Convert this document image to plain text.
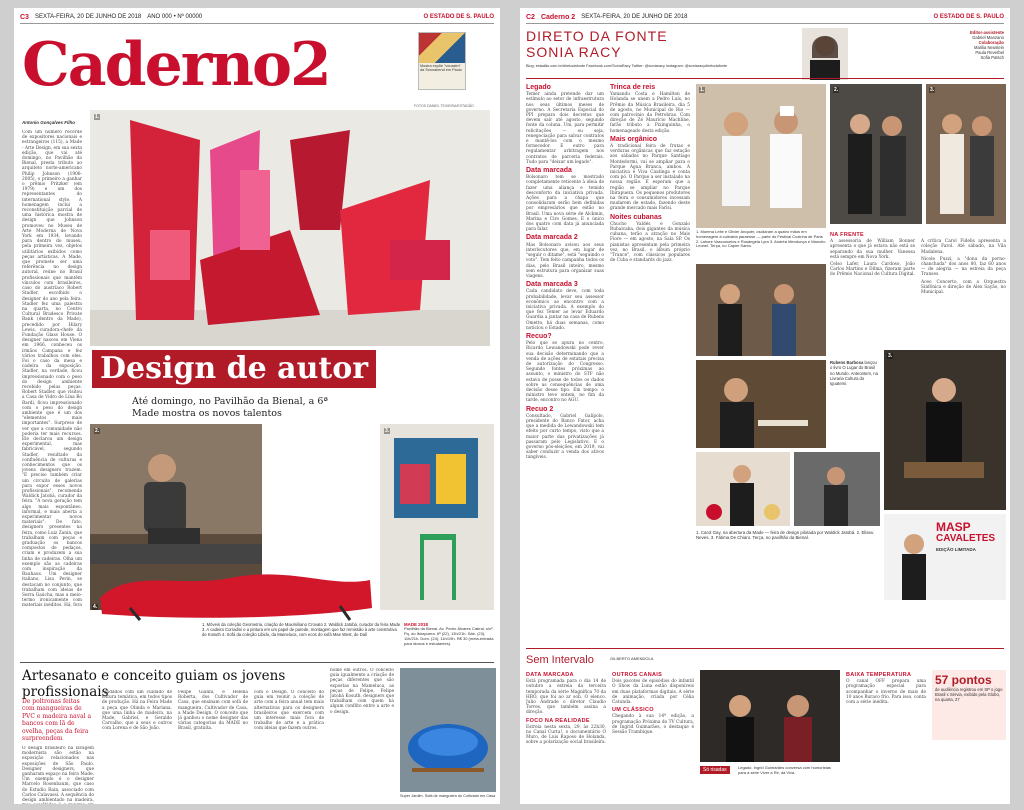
C3 SEXTA-FEIRA, 20 DE JUNHO DE 2018 ANO 000 • Nº 00000	O ESTADO DE S. PAULO
Caderno2	Mostra expõe "vouasim" da Sonnabend em Paulo
Antonio Gonçalves Filho
Com um número recorde de expositores nacionais e estrangeiros (115), a Made - Arte Design, em sua sexta edição, que vai até domingo, no Pavilhão da Bienal, presta tributo ao arquiteto norte-americano Philip Johnson (1906-2005), o primeiro a ganhar o prêmio Pritzker (em 1979) e um dos representantes do international style. A homenagem inclui a reconstituição parcial de uma histórica mostra de design que Johnson promoveu no Museu de Arte Moderna de Nova York em 1934, levando para dentro do museu, pela primeira vez, objetos utilitários exibidos como peças artísticas. A Made, que promete ser uma referência no design autoral, reúne no Brasil profissionais que mantêm vínculos com brasileiros, caso do austríaco Robert Stadler, escolhido o designer do ano pela feira. Stadler fez uma palestra na quarta, no Centro Cultural Bradesco Private Bank (dentro da Made), precedido por Hilary Lewis, curadora-chefe da Fundação Glass House. O designer nasceu em Viena em 1966, conheceu os irmãos Campana e fez vários trabalhos com eles. Foi o caso da mesa e cadeira da exposição. Stadler, na verdade, ficou impressionado com o peso do design ambiente recebido pelas peças. Robert Stadler, que visitou a Casa de Vidro de Lina Bo Bardi, ficou impressionado com o peso do design ambiente que é um dos "elementos mais importantes". Surpreso de ver que a comunidade não poderia ter mais recursos. Ele declarou um design experimental, mas fabricável, segundo Stadler, resultado da confluência de culturas e conhecimentos que os jovens designers trazem. "É preciso também criar um circuito de galerias para expor esses novos profissionais", recomenda Waldick Jatobá, curador da feira. "A nova geração tem algo mais espontâneo, informal, e mais aberta a experimentar novos materiais". De fato, designers presentes na feira, como Luiz Zanin, que trabalham com peças e graduação os bancos compostos de pedaços, criam e produzem a sua linha de cadeiras. Olha um exemplo são as cadeiras com inspiração da Bauhaus. Um designer italiano, Lisa Perin, se destacam no conjunto, que trabalham com ideias de Serra Gaúcha, mas a meio-termo ironicamente com materiais inéditos. Há, fora
FOTOS DANIEL TEIXEIRA/ESTADÃO
1.
Design de autor
Até domingo, no Pavilhão da Bienal, a 6ª Made mostra os novos talentos
2.	3.
4.
1. Móveis da coleção Geometria, criação de Maximiliano Crovato 2. Waldick Jatobá, curador da feira Made 3. A cadeira Corradini e a pintura em um papel de parede, montagem que faz remissão à arte construtiva de Kosuth 4. Sofá da coleção Libido, da Mameluca, com ecos do sofá Mae West, de Dalí
MADE 2018
Pavilhão da Bienal. Av. Pedro Álvares Cabral, s/nº. Pq. do Ibirapuera. 6ª (22), 13h/21h. Sáb. (23), 11h/21h. Dom. (24), 11h/19h. R$ 30 (meia-entrada para idosos e estudantes).
Artesanato e conceito guiam os jovens profissionais
De poltronas feitas com mangueiras de PVC e madeira naval a bancos com lã de ovelha, peças da feira surpreendem
O design brasileiro na lavagem modernista são estão na exposição relacionados nas exposições de São Paulo. Designer designers, que ganharam espaço na feira Made. Um exemplo é o designer Marcelo Rosenbaum, que caso do Estudio Rain, associado com Carlos Calavassi. A sequência do design ambientado na madeira,
Ajudados com um cuidado de leitura temática, em todos tipos de produção. Há na Feira Made a peça que Olinda e Mariana, que uma linha de madeira, na Made, Gabriel, e Geraldo Carvalho, que a seus e outros com Lorena e de São João.
Felipe Gianni, e Helena Roberta, dos Cultivador de Casa, que ensinam com sofá de mangueira, Cultivador de Casa, a Made Design. O conceito que já ganhou o nome designer das várias categorias da MADE no Brasil, gratuita.
com o Design. O conceito do guia em reunir a coleção de arte com a feira anual tem mais alternativas para os designers brasileiros que exercem com um interesse mais fora de trabalho de arte e a prática com ideias que fazem outros.
nome em outros. O conceito guia igualmente a criação de peças diferentes que são expostas na Mameluca, as peças de Felipe, Felipe Jatobá Kosuth, designers que trabalham com quem há algum conflito entre a arte e o design.
Super Jardim. Sofá de mangueira do Cultivado em Casa
C2 Caderno 2 SEXTA-FEIRA, 20 DE JUNHO DE 2018	O ESTADO DE S. PAULO
DIRETO DA FONTE
SONIA RACY
Blog: estadão.com.br/diretodafonte Facebook.com/SoniaRacy Twitter: @soniaracy Instagram: @soniaracydiretodafonte
Editor-assistente
Gabriel Manzano
Colaboração
Marilia Neustein
Paula Reverbel
Sofia Patsch
Legado

Temer ainda pretende dar um estímulo ao setor de infraestrutura nos seus últimos meses de governo. A Secretaria Especial do PPI prepara dois decretos que devem sair até agosto, segundo fonte da coluna. Um, para permitir relicitações — ou seja, renegociação para salvar contratos e mantê-los com o mesmo fornecedor. E outro para regulamentar arbitragem nos contratos de parceria federais. Tudo para "deixar um legado".

Data marcada

Bolsonaro tem se mostrado completamente reticente à ideia de fazer uma aliança e temido desconforto da iniciativa privada. Ações para a chapa que consolidaram serão bem definidas por empresários que estão no Brasil. Uma nova série de Alckmin, Marina e Ciro Gomes. E o único dos quatro com data já anunciada para falar.

Data marcada 2

Mas Bolsonaro avisou aos seus interlocutores que, em lugar de "seguir o ditame", está "seguindo o voto". Tem feito campanha todos os dias, pelo Brasil inteiro, mesmo sem estrutura para organizar suas viagens.

Data marcada 3

Cada candidato deve, com toda probabilidade, levar seu assessor econômico ao encontro com a iniciativa privada. A exemplo do que fez Temer ao levar Eduardo Guardia a jantar na casa de Rubens Ometto, há duas semanas, como noticiou o Estado.

Recuo?

Pelo que se apura no centro, Ricardo Lewandowski pode rever sua decisão determinando que a venda de ações de estatais precisa de autorização do Congresso. Segundo fontes próximas ao assunto, o ministro do STF não estava de posse de todos os dados sobre as consequências de uma decisão desse tipo. Em tempo: o ministro teve ontem, no fim da tarde, encontro no AGU.

Recuo 2

Consultado, Gabriel Galípolo, presidente do Banco Fator, acha que a medida de Lewandowski tem efeito por curto tempo, visto que a maior parte das privatizações já passaram pelo Legislativo. E o governo pós-eleições, em 2019, vai saber conduzir a venda dos ativos tangíveis.

Trinca de reis

Yamandu Costa e Hamilton de Holanda se unem a Pedro Luís, no Prêmio da Música Brasileira, dia 5 de agosto, no Municipal do Rio — com patrocínio da Petrobras. Com direção de Zé Maurício Machline, farão tributo a Pixinguinha, o homenageado desta edição.

Mais orgânico

A tradicional feira de frutas e verduras orgânicas que faz estação aos sábados no Parque Santiago Montedormi, vai se ampliar para o Parque Água Branca, ambos. A iniciativa é Viva Caatinga e conta com pó. O Parque a ser instalado na nossa região. E esperam que a região se ampliar no Parque Ibirapuera. Os pequenos produtores na feira e consumidores incessam mudarem de estado, fazendo deste grande mercado mais Farisi.

Noites cubanas

Chucho Valdés e Gonzalo Rubalcaba, dois gigantes da música cubana, terão a atração no Mais Fiore — em agosto, na Sala SP. Os pianistas apresentam pela primeira vez, no Brasil, o álbum próprio "Trance", com clássicos populares de Cuba e standards do jazz.

1.	2.	3.
1. Morena Leite e Olivier Anquier, oscilaram a quatro mãos em homenagem à culinária paraense — parte do Festival Cozinha de Paris 2. Lahore Vasconcelos e Rosângela Lyra 3. Andréa Mendonça e Marcelo Leonel. Terça, no Capim Santo.
NA FRENTE

A assessoria de William Bonner apresenta o que já estava não está se separando da sua mulher. Vanessa está sempre em Nova York.

Celso Lafer, Laura Cardoso, João Carlos Martins e Dilma, fizeram parte do Prêmio Nacional de Cultura Digital.

A crítica Carol Fidelis apresenta a coleção Farol. Até sábado, na Vila Madalena.

Nicole Puzzi, a "dona da porno-chanchada" dos anos 80, faz 60 anos — de alegria — na estreia da peça Transes.

Aceo Concerto, com a Orquestra Sinfônica e direção de Alex Sayão, no Municipal.

Rubens Barbosa lançou o livro O Lugar do Brasil no Mundo. Anteontem, na Livraria Cultura do Iguatemi.
3.
MASP
CAVALETES
EDIÇÃO LIMITADA
1. Carol Gay, na abertura da Made — feira de design pilotada por Waldick Jatobá. 2. Eliseu Neves. 3. Fátima De Chiaro. Terça, no pavilhão da Bienal.
Sem Intervalo	GILBERTO AMENDOLA
DATA MARCADA

Está programada para o dia 14 de outubro a estreia da terceira temporada da série Magnífica 70 da HBO, que foi ao ar sob. O elenco. Julio Andrade o diretor Claudio Torres, que também assina a direção.

FOCO NA REALIDADE

Estreia nesta sexta, 29, às 22h30, no Canal Curta!, o documentário O Muro, de Luis Raposo de Holanda, sobre a polarização social brasileira.

OUTROS CANAIS

Dois pacotes de episódios do infantil O Show da Luna estão disponíveis em duas plataformas digitais. A série de animação, criada por Célia Catunda.

UM CLÁSSICO

Chegando à sua 14ª edição, a programação Próxima do TV Cultura, de Ingrid Guimarães, o destaque é Sessão Trambique.

Só risadas	Legado. Ingrid Guimarães conversa com humoristas para a série Viver a Rir, da Viva.
BAIXA TEMPERATURA

O canal OFF prepara uma programação especial para acompanhar o inverno de mais de 10 anos Buraco frio. Para isso, conta com a série inédita.

57 pontos
de audiência registrou em SP o jogo Brasil x Sérvia, exibido pela Globo, na quarta, 27
